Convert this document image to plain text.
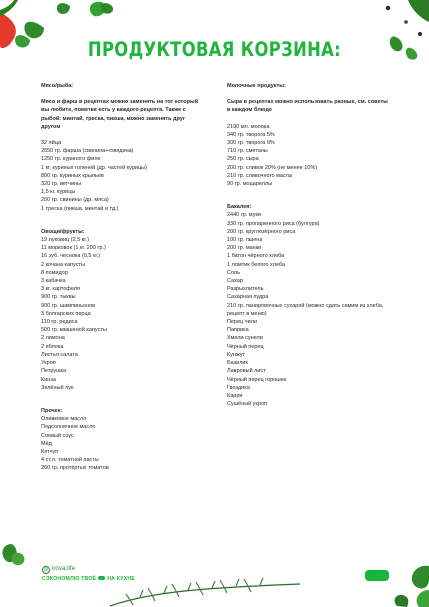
ПРОДУКТОВАЯ КОРЗИНА:

Мясо/рыба:

Мясо и фарш в рецептах можно заменять на тот который вы любите, пометки есть у каждого рецепта. Также с рыбой: минтай, треска, пикша, можно заменять друг другом

32 яйца
2550 гр. фарша (свинина+говядина)
1250 гр. куриного филе
1 кг. куриных голеней (др. частей курицы)
800 гр. куриных крыльев
320 гр. ветчины
1,5 кг. курицы
200 гр. свинины (др. мяса)
1 треска (пикша, минтай и тд.)

Овощи/фрукты:

19 луковиц (2,5 кг.)
11 морковок (1 кг. 200 гр.)
16 зуб. чеснока (0,5 кг.)
2 кочана капусты
8 помидор
3 кабачка
3 кг. картофеля
900 гр. тыквы
900 гр. шампиньонов
3 болгарских перца
110 гр. редиса
500 гр. квашеной капусты
2 лимона
2 яблока
Листья салата
Укроп
Петрушка
Кинза
Зелёный лук

Прочее:

Оливковое масло
Подсолнечное масло
Соевый соус
Мёд
Кетчуп
4 ст.л. томатной пасты
200 гр. протёртых томатов

Молочные продукты:

Сыра в рецептах можно использовать разные, см. советы в каждом блюде

2190 мл. молока
340 гр. творога 5%
300 гр. творога 9%
710 гр. сметаны
250 гр. сыра
200 гр. сливок 20% (не менее 10%)
210 гр. сливочного масла
90 гр. моцареллы

Бакалея:

2440 гр. муки
330 гр. пропаренного риса (булгура)
200 гр. круглозёрного риса
100 гр. пшена
200 гр. манки
1 батон чёрного хлеба
1 ломтик белого хлеба
Соль
Сахар
Разрыхлитель
Сахарная пудра
210 гр. панировочных сухарей (можно сдать самим из хлеба, рецепт в меню)
Перец чили
Паприка
Хмели сунели
Чёрный перец
Кунжут
Базилик
Лавровый лист
Чёрный перец горошек
Гвоздика
Карри
Сушёный укроп
@ irova.life
СЭКОНОМЛЮ ТВОЁ НА КУХНЕ
